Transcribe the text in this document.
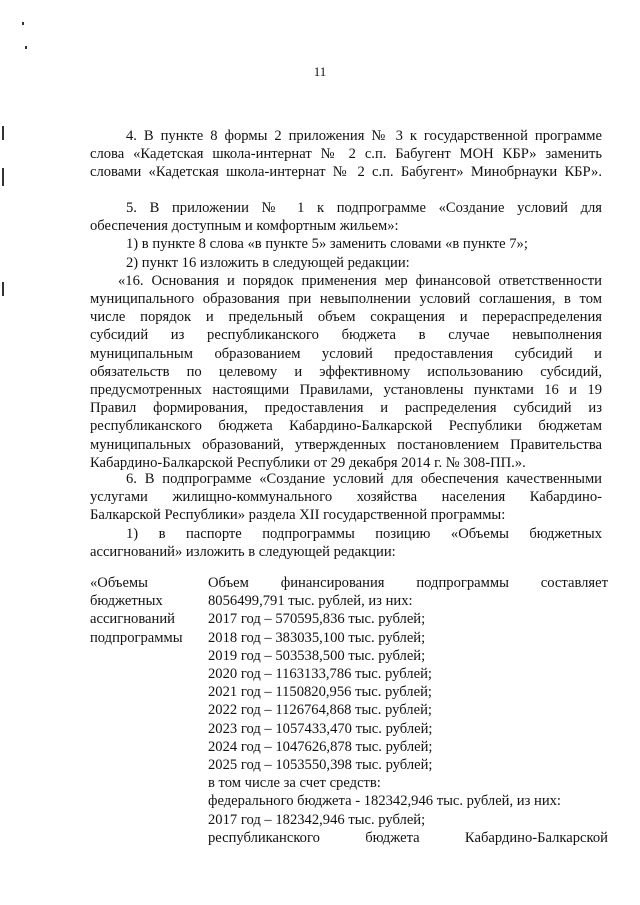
11
4. В пункте 8 формы 2 приложения № 3 к государственной программе
слова «Кадетская школа-интернат № 2 с.п. Бабугент МОН КБР» заменить
словами «Кадетская школа-интернат № 2 с.п. Бабугент» Минобрнауки КБР».
5. В приложении № 1 к подпрограмме «Создание условий для
обеспечения доступным и комфортным жильем»:
1) в пункте 8 слова «в пункте 5» заменить словами «в пункте 7»;
2) пункт 16 изложить в следующей редакции:
«16. Основания и порядок применения мер финансовой ответственности
муниципального образования при невыполнении условий соглашения, в том
числе порядок и предельный объем сокращения и перераспределения
субсидий из республиканского бюджета в случае невыполнения
муниципальным образованием условий предоставления субсидий и
обязательств по целевому и эффективному использованию субсидий,
предусмотренных настоящими Правилами, установлены пунктами 16 и 19
Правил формирования, предоставления и распределения субсидий из
республиканского бюджета Кабардино-Балкарской Республики бюджетам
муниципальных образований, утвержденных постановлением Правительства
Кабардино-Балкарской Республики от 29 декабря 2014 г. № 308-ПП.».
6. В подпрограмме «Создание условий для обеспечения качественными
услугами жилищно-коммунального хозяйства населения Кабардино-
Балкарской Республики» раздела XII государственной программы:
1) в паспорте подпрограммы позицию «Объемы бюджетных
ассигнований» изложить в следующей редакции:
«Объемы
бюджетных
ассигнований
подпрограммы
Объем финансирования подпрограммы составляет
8056499,791 тыс. рублей, из них:
2017 год – 570595,836 тыс. рублей;
2018 год – 383035,100 тыс. рублей;
2019 год – 503538,500 тыс. рублей;
2020 год – 1163133,786 тыс. рублей;
2021 год – 1150820,956 тыс. рублей;
2022 год – 1126764,868 тыс. рублей;
2023 год – 1057433,470 тыс. рублей;
2024 год – 1047626,878 тыс. рублей;
2025 год – 1053550,398 тыс. рублей;
в том числе за счет средств:
федерального бюджета - 182342,946 тыс. рублей, из них:
2017 год – 182342,946 тыс. рублей;
республиканского бюджета Кабардино-Балкарской
